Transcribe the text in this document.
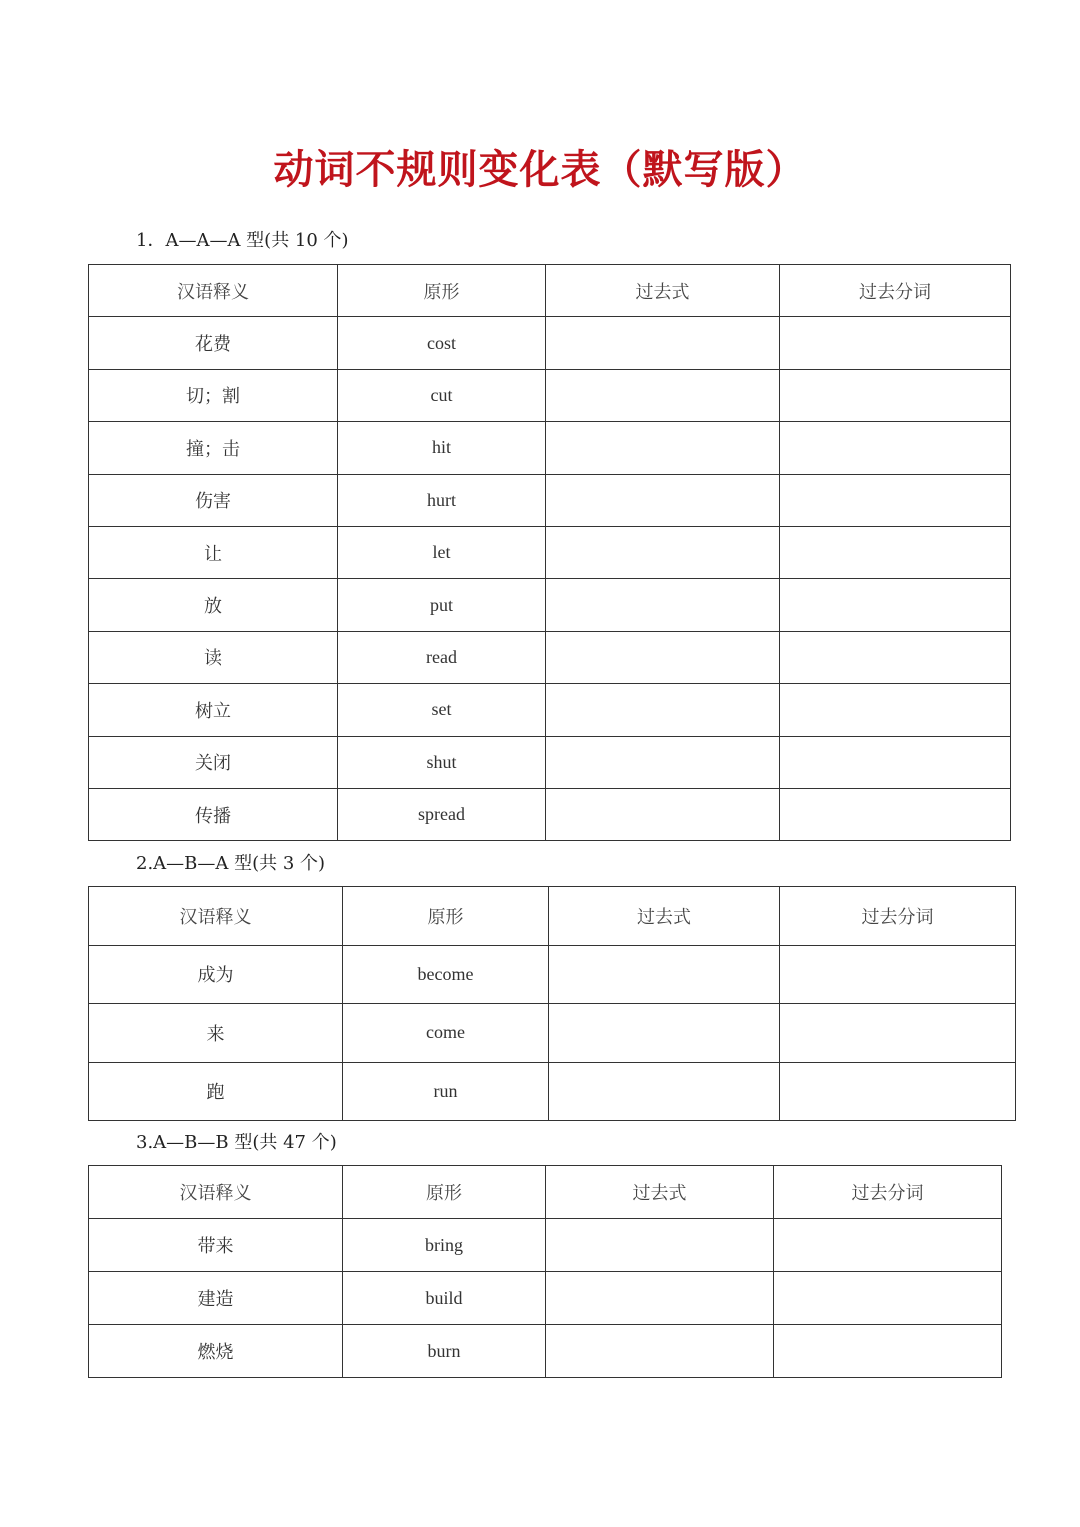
动词不规则变化表（默写版）
1．A—A—A 型(共 10 个)
汉语释义	原形	过去式	过去分词
花费	cost		
切；割	cut		
撞；击	hit		
伤害	hurt		
让	let		
放	put		
读	read		
树立	set		
关闭	shut		
传播	spread		
2.A—B—A 型(共 3 个)
汉语释义	原形	过去式	过去分词
成为	become		
来	come		
跑	run		
3.A—B—B 型(共 47 个)
汉语释义	原形	过去式	过去分词
带来	bring		
建造	build		
燃烧	burn		
